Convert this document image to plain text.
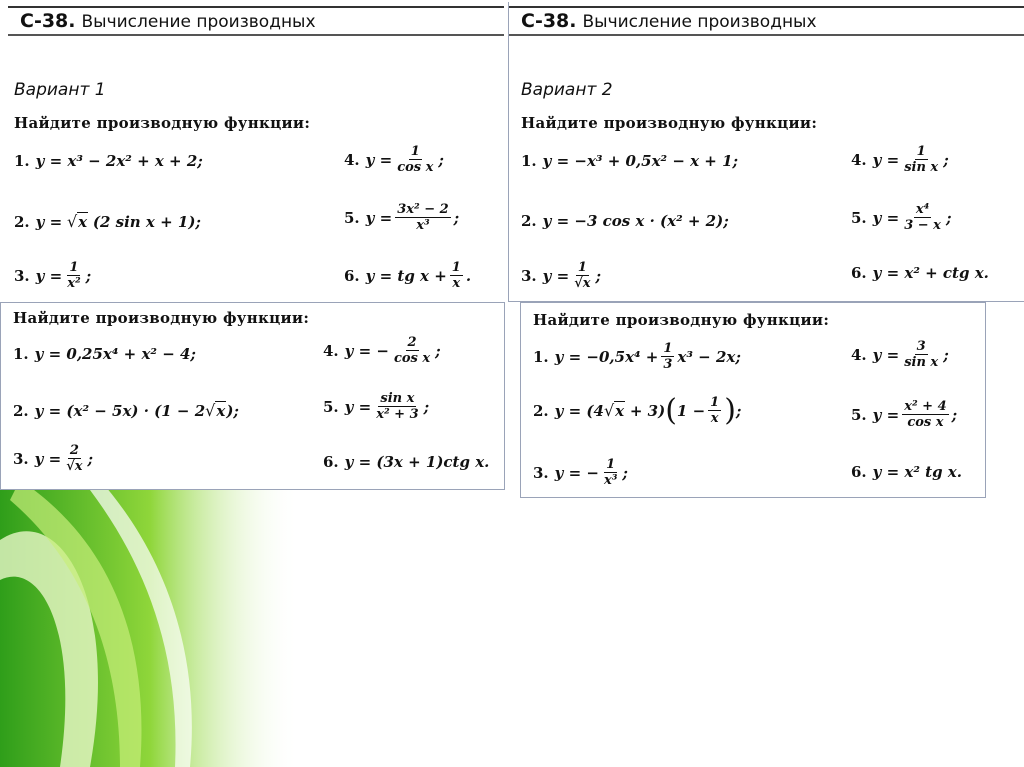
С-38. Вычисление производных
Вариант 1
Найдите производную функции:
1. y = x³ − 2x² + x + 2;
2. y =
√ x
(2 sin x + 1);
3. $y = \frac{1}{\text{x²}}$ ;
4. $y = \frac{1}{\text{cos x}}$ ;
5. $y = \frac{\text{3x² − 2}}{\text{x³}}$ ;
6. y = tg $x + \frac{1}{x}$ .
С-38. Вычисление производных
Вариант 2
Найдите производную функции:
1. y = −x³ + 0,5x² − x + 1;
2. y = −3 cos x · (x² + 2);
3. $y = \frac{1}{√x}$ ;
4. $y = \frac{1}{\text{sin x}}$ ;
5. $y = \frac{\text{x⁴}}{3 - x}$ ;
6. y = x² + ctg x.
Найдите производную функции:
1. y = 0,25x⁴ + x² − 4;
2. y = (x² − 5x) · (1 − 2 √ x );
3. $y = \frac{2}{√x}$ ;
4. y = − $\frac{2}{\text{cos x}}$ ;
5. $y = \frac{\text{sin x}}{\text{x² + 3}}$ ;
6. y = (3x + 1)ctg x.
Найдите производную функции:
1. $y = -0,5x^4 + \frac{1}{3} x^3 - 2x$;
2. y = (4 √ x
+ 3) ( $1 - \frac{1}{x}$ ) ;
3. y = − $\frac{1}{\text{x³}}$ ;
4. $y = \frac{3}{\text{sin x}}$ ;
5. $y = \frac{\text{x² + 4}}{\text{cos x}}$ ;
6. y = x² tg x.
